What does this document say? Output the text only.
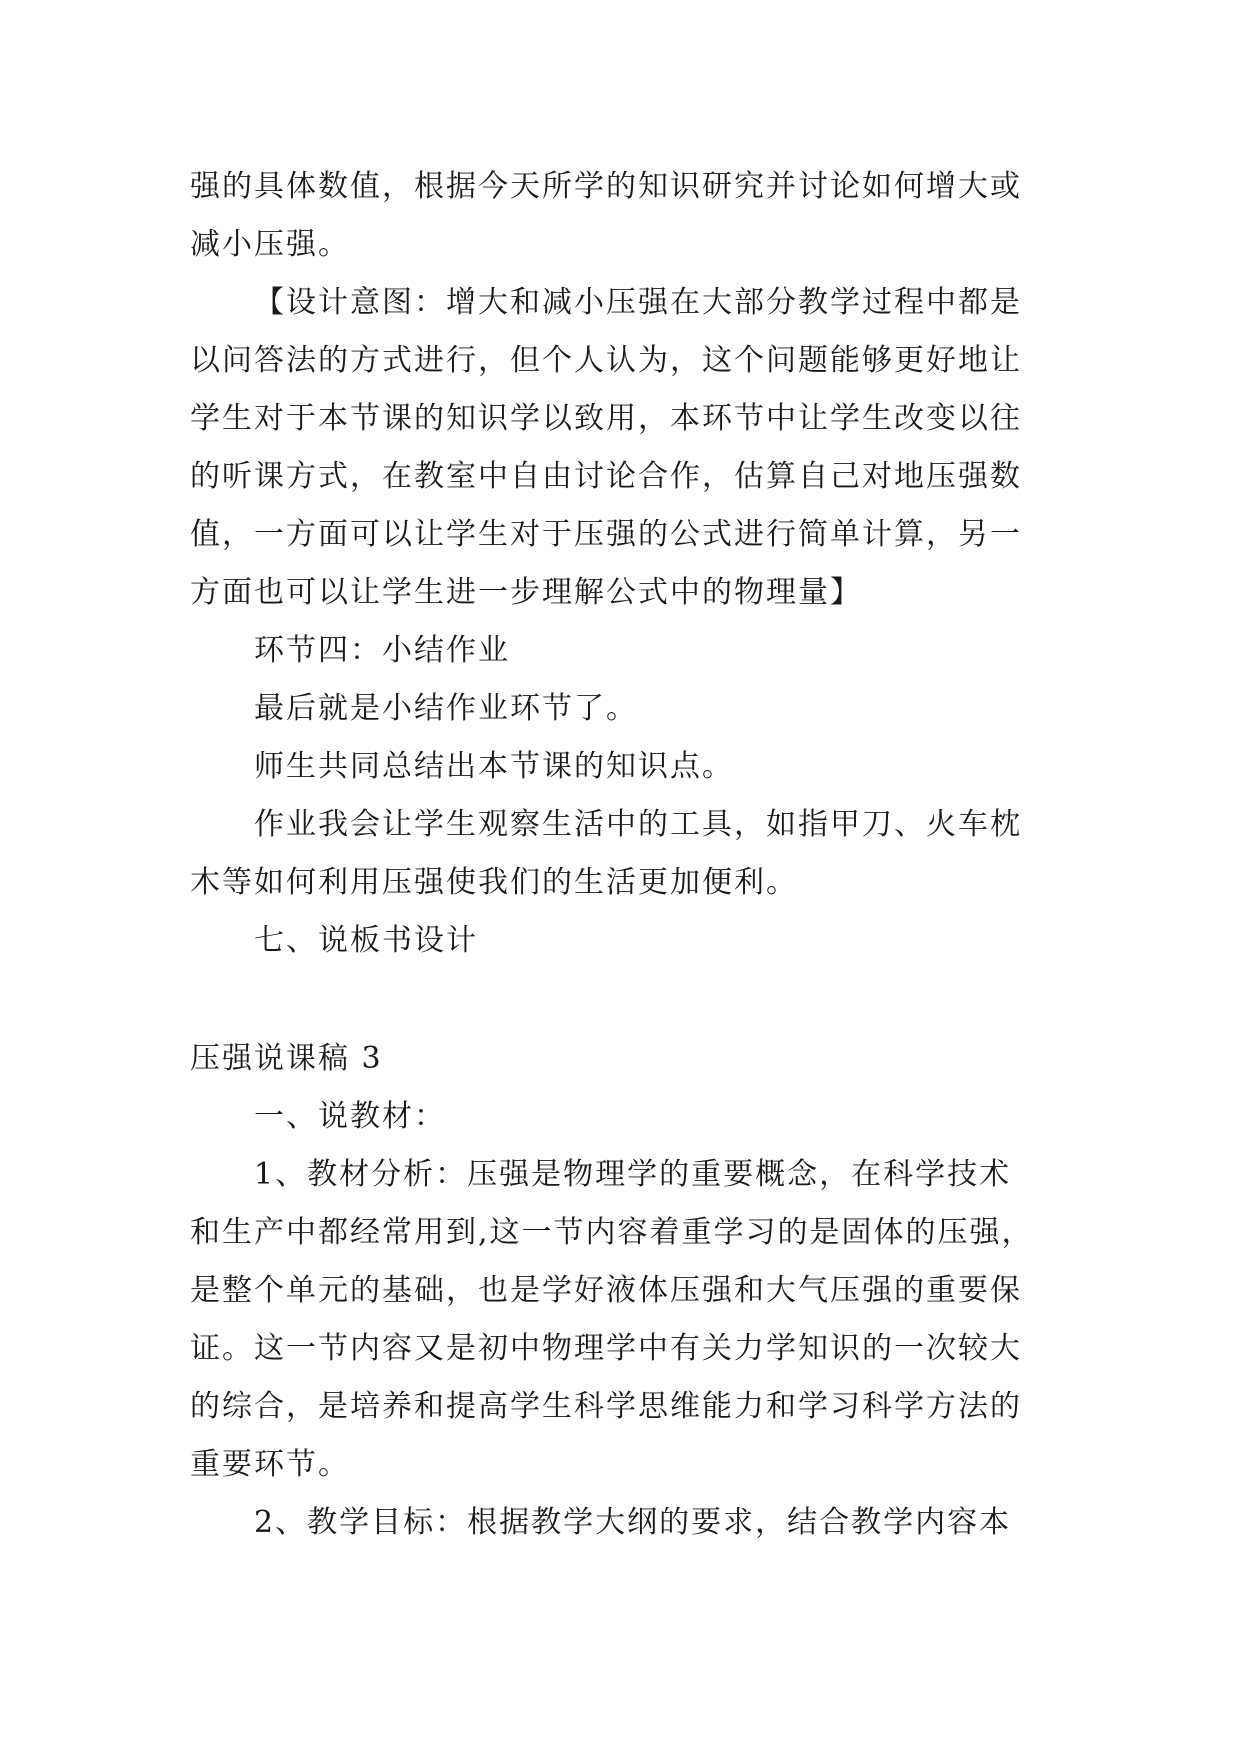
强的具体数值，根据今天所学的知识研究并讨论如何增大或
减小压强。
【设计意图：增大和减小压强在大部分教学过程中都是
以问答法的方式进行，但个人认为，这个问题能够更好地让
学生对于本节课的知识学以致用，本环节中让学生改变以往
的听课方式，在教室中自由讨论合作，估算自己对地压强数
值，一方面可以让学生对于压强的公式进行简单计算，另一
方面也可以让学生进一步理解公式中的物理量】
环节四：小结作业
最后就是小结作业环节了。
师生共同总结出本节课的知识点。
作业我会让学生观察生活中的工具，如指甲刀、火车枕
木等如何利用压强使我们的生活更加便利。
七、说板书设计
压强说课稿 3
一、说教材：
1、教材分析：压强是物理学的重要概念，在科学技术
和生产中都经常用到,这一节内容着重学习的是固体的压强，
是整个单元的基础，也是学好液体压强和大气压强的重要保
证。这一节内容又是初中物理学中有关力学知识的一次较大
的综合，是培养和提高学生科学思维能力和学习科学方法的
重要环节。
2、教学目标：根据教学大纲的要求，结合教学内容本
